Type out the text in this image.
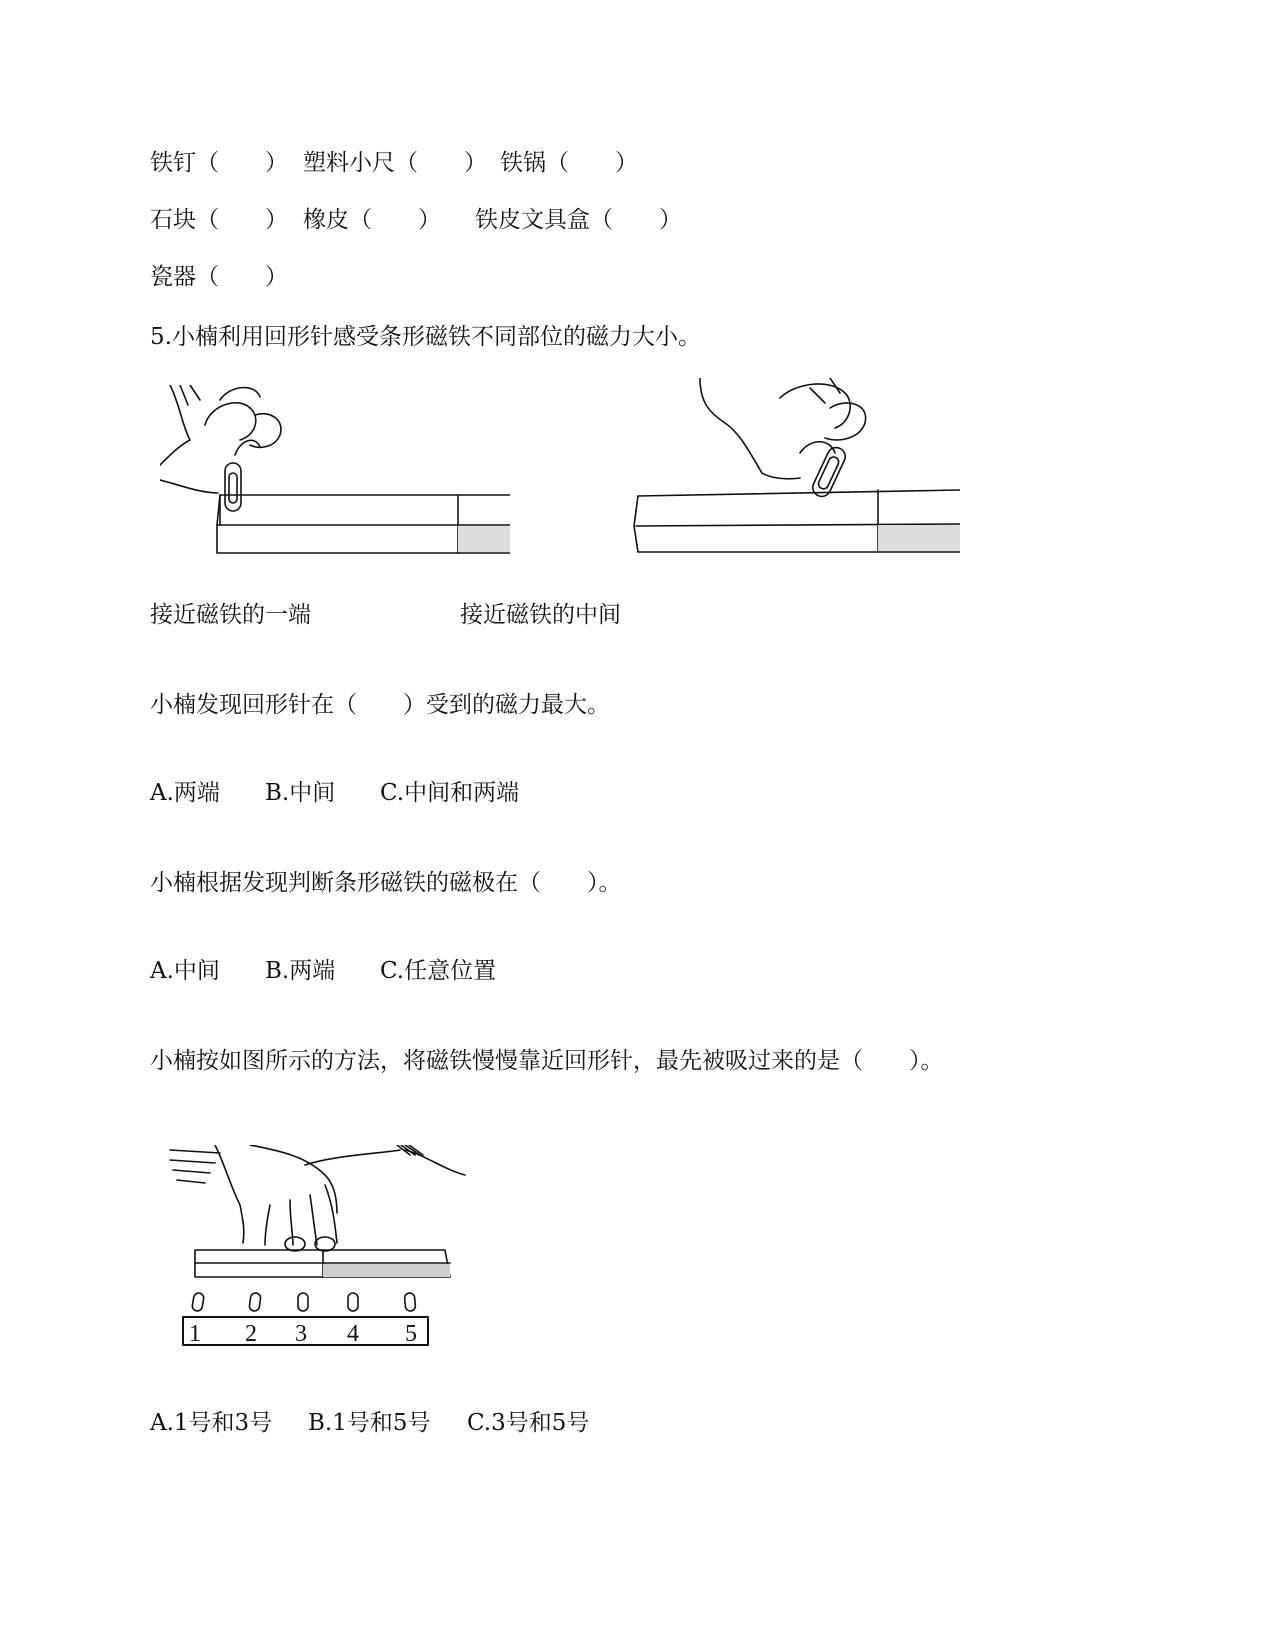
铁钉（　　） 塑料小尺（　　） 铁锅（　　）
石块（　　） 橡皮（　　） 铁皮文具盒（　　）
瓷器（　　）
5.小楠利用回形针感受条形磁铁不同部位的磁力大小。
接近磁铁的一端	接近磁铁的中间
小楠发现回形针在（　　）受到的磁力最大。
A.两端 B.中间 C.中间和两端
小楠根据发现判断条形磁铁的磁极在（　　）。
A.中间 B.两端 C.任意位置
小楠按如图所示的方法，将磁铁慢慢靠近回形针，最先被吸过来的是（　　）。
1 2 3 4 5
A.1号和3号 B.1号和5号 C.3号和5号
